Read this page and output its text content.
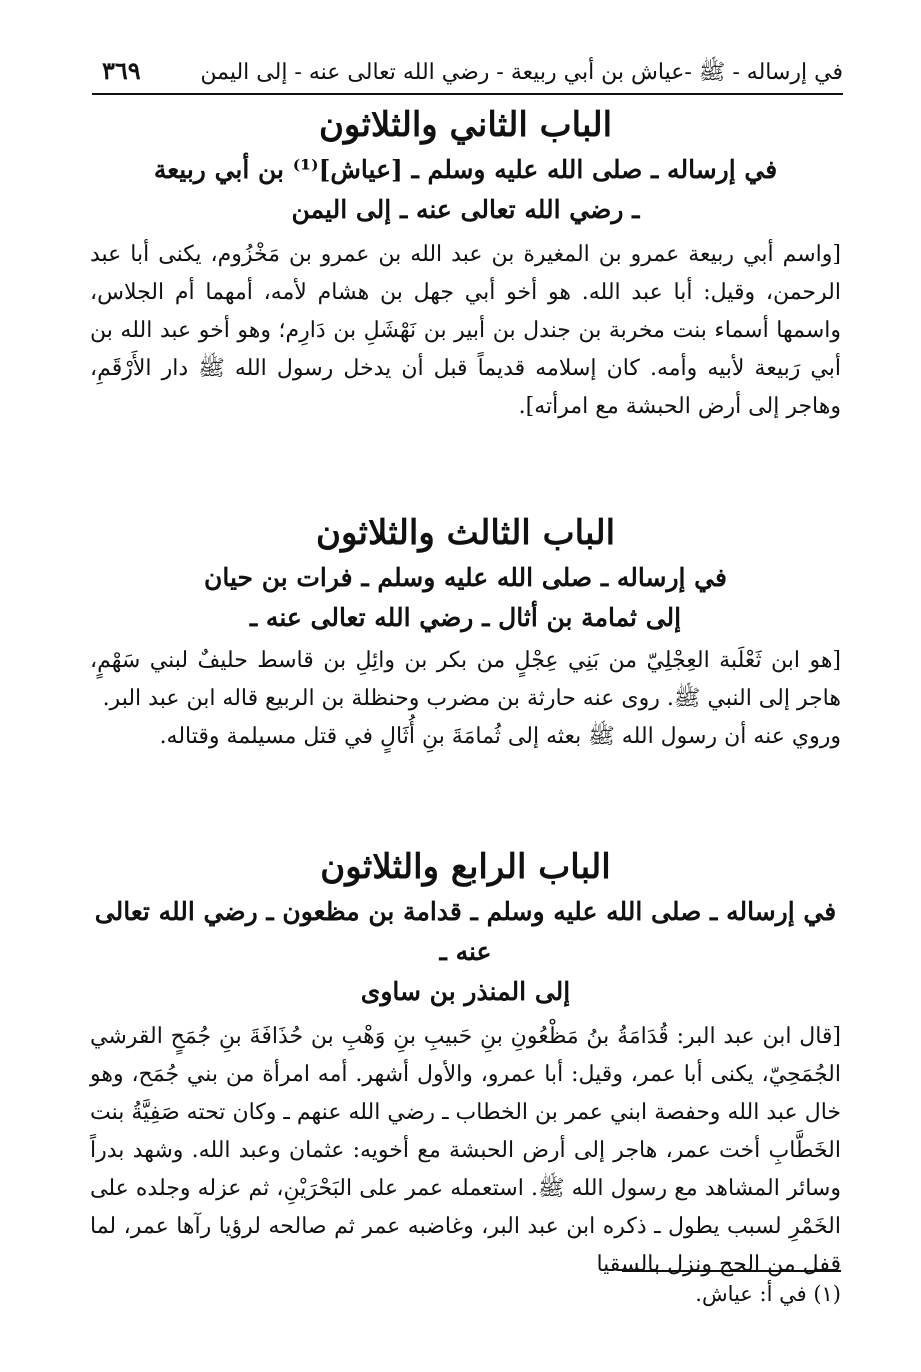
في إرساله - ﷺ -عياش بن أبي ربيعة - رضي الله تعالى عنه - إلى اليمن
٣٦٩
الباب الثاني والثلاثون
في إرساله ـ صلى الله عليه وسلم ـ [عياش]⁽¹⁾ بن أبي ربيعة
ـ رضي الله تعالى عنه ـ إلى اليمن

[واسم أبي ربيعة عمرو بن المغيرة بن عبد الله بن عمرو بن مَخْزُوم، يكنى أبا عبد الرحمن، وقيل: أبا عبد الله. هو أخو أبي جهل بن هشام لأمه، أمهما أم الجلاس، واسمها أسماء بنت مخربة بن جندل بن أبير بن نَهْشَلِ بن دَارِم؛ وهو أخو عبد الله بن أبي رَبيعة لأبيه وأمه. كان إسلامه قديماً قبل أن يدخل رسول الله ﷺ دار الأَرْقَمِ، وهاجر إلى أرض الحبشة مع امرأته].

الباب الثالث والثلاثون
في إرساله ـ صلى الله عليه وسلم ـ فرات بن حيان
إلى ثمامة بن أثال ـ رضي الله تعالى عنه ـ

[هو ابن ثَعْلَبة العِجْلِيّ من بَنِي عِجْلٍ من بكر بن وائِلِ بن قاسط حليفٌ لبني سَهْمٍ، هاجر إلى النبي ﷺ. روى عنه حارثة بن مضرب وحنظلة بن الربيع قاله ابن عبد البر.

وروي عنه أن رسول الله ﷺ بعثه إلى ثُمامَةَ بنِ أُثَالٍ في قتل مسيلمة وقتاله.

الباب الرابع والثلاثون
في إرساله ـ صلى الله عليه وسلم ـ قدامة بن مظعون ـ رضي الله تعالى عنه ـ
إلى المنذر بن ساوى

[قال ابن عبد البر: قُدَامَةُ بنُ مَظْعُونِ بنِ حَبيبِ بنِ وَهْبِ بن حُذَافَةَ بنِ جُمَحٍ القرشي الجُمَحِيّ، يكنى أبا عمر، وقيل: أبا عمرو، والأول أشهر. أمه امرأة من بني جُمَح، وهو خال عبد الله وحفصة ابني عمر بن الخطاب ـ رضي الله عنهم ـ وكان تحته صَفِيَّةُ بنت الخَطَّابِ أخت عمر، هاجر إلى أرض الحبشة مع أخويه: عثمان وعبد الله. وشهد بدراً وسائر المشاهد مع رسول الله ﷺ. استعمله عمر على البَحْرَيْنِ، ثم عزله وجلده على الخَمْرِ لسبب يطول ـ ذكره ابن عبد البر، وغاضبه عمر ثم صالحه لرؤيا رآها عمر، لما قفل من الحج ونزل بالسقيا

(١) في أ: عياش.
